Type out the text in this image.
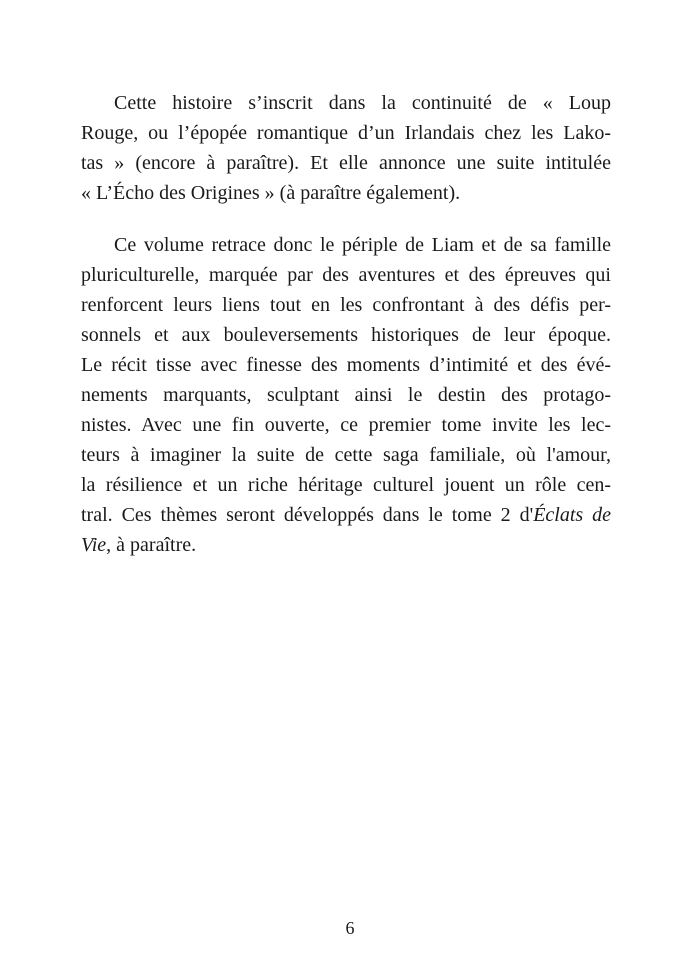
Cette histoire s’inscrit dans la continuité de « Loup
Rouge, ou l’épopée romantique d’un Irlandais chez les Lako-
tas » (encore à paraître). Et elle annonce une suite intitulée
« L’Écho des Origines » (à paraître également).
Ce volume retrace donc le périple de Liam et de sa famille
pluriculturelle, marquée par des aventures et des épreuves qui
renforcent leurs liens tout en les confrontant à des défis per-
sonnels et aux bouleversements historiques de leur époque.
Le récit tisse avec finesse des moments d’intimité et des évé-
nements marquants, sculptant ainsi le destin des protago-
nistes. Avec une fin ouverte, ce premier tome invite les lec-
teurs à imaginer la suite de cette saga familiale, où l'amour,
la résilience et un riche héritage culturel jouent un rôle cen-
tral. Ces thèmes seront développés dans le tome 2 d'Éclats de
Vie, à paraître.
6
